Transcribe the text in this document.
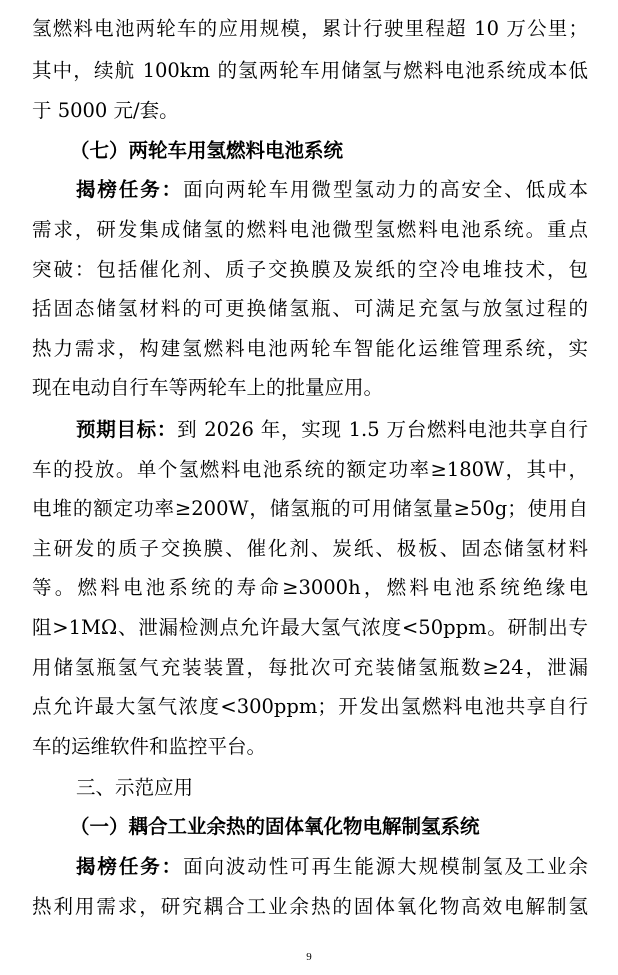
氢燃料电池两轮车的应用规模，累计行驶里程超 10 万公里；
其中，续航 100km 的氢两轮车用储氢与燃料电池系统成本低
于 5000 元/套。
（七）两轮车用氢燃料电池系统
揭榜任务：面向两轮车用微型氢动力的高安全、低成本
需求，研发集成储氢的燃料电池微型氢燃料电池系统。重点
突破：包括催化剂、质子交换膜及炭纸的空冷电堆技术，包
括固态储氢材料的可更换储氢瓶、可满足充氢与放氢过程的
热力需求，构建氢燃料电池两轮车智能化运维管理系统，实
现在电动自行车等两轮车上的批量应用。
预期目标：到 2026 年，实现 1.5 万台燃料电池共享自行
车的投放。单个氢燃料电池系统的额定功率≥180W，其中，
电堆的额定功率≥200W，储氢瓶的可用储氢量≥50g；使用自
主研发的质子交换膜、催化剂、炭纸、极板、固态储氢材料
等。燃料电池系统的寿命≥3000h，燃料电池系统绝缘电
阻>1MΩ、泄漏检测点允许最大氢气浓度<50ppm。研制出专
用储氢瓶氢气充装装置，每批次可充装储氢瓶数≥24，泄漏
点允许最大氢气浓度<300ppm；开发出氢燃料电池共享自行
车的运维软件和监控平台。
三、示范应用
（一）耦合工业余热的固体氧化物电解制氢系统
揭榜任务：面向波动性可再生能源大规模制氢及工业余
热利用需求，研究耦合工业余热的固体氧化物高效电解制氢
9
